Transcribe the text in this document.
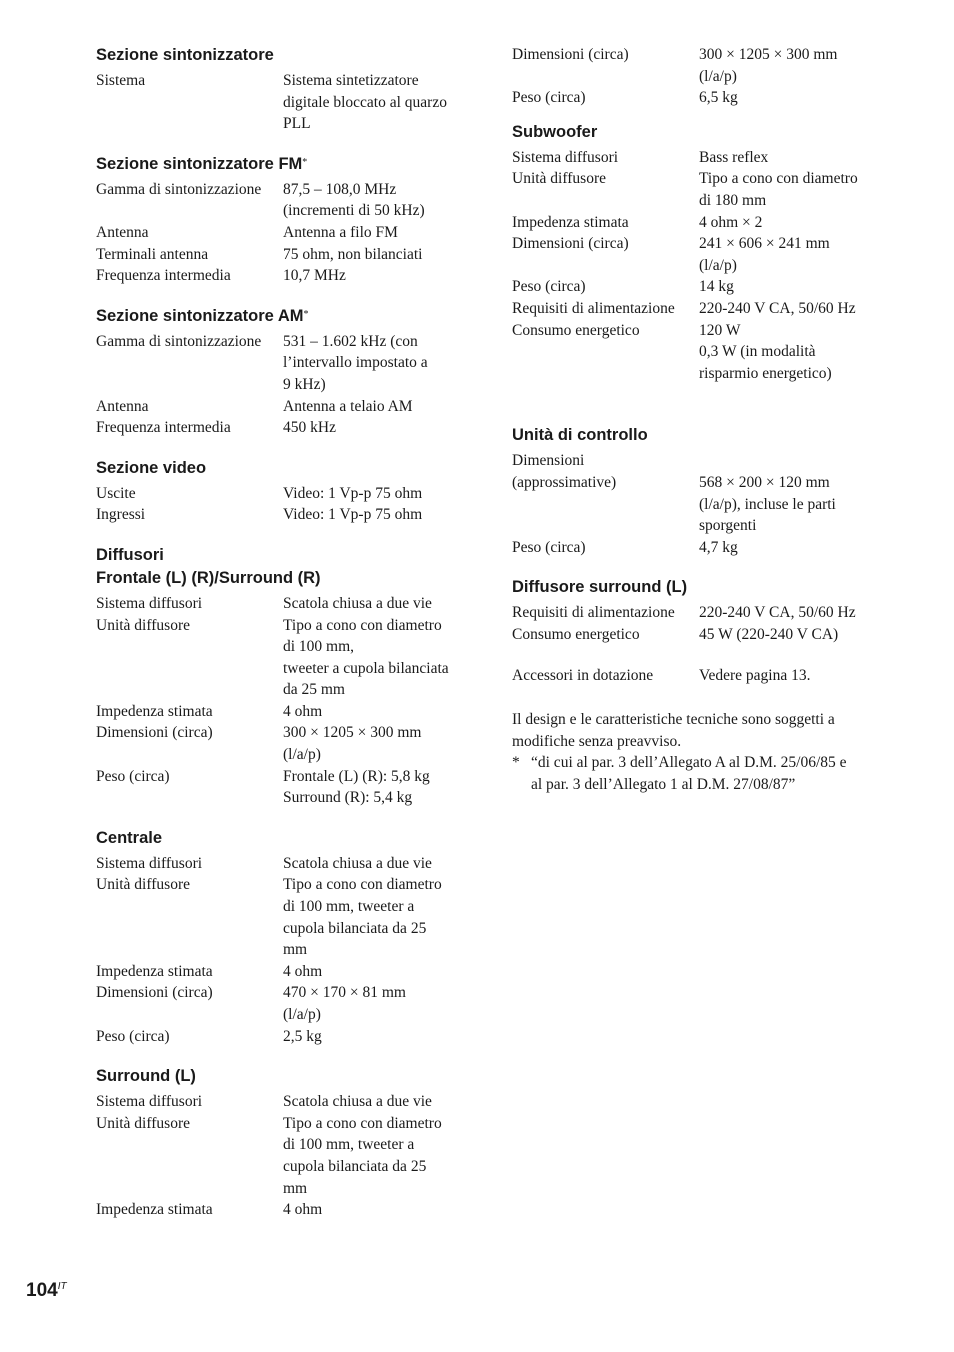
Sezione sintonizzatore
Sistema	Sistema sintetizzatore
digitale bloccato al quarzo
PLL
Sezione sintonizzatore FM*
Gamma di sintonizzazione	87,5 – 108,0 MHz
(incrementi di 50 kHz)
Antenna	Antenna a filo FM
Terminali antenna	75 ohm, non bilanciati
Frequenza intermedia	10,7 MHz
Sezione sintonizzatore AM*
Gamma di sintonizzazione	531 – 1.602 kHz (con
l’intervallo impostato a
9 kHz)
Antenna	Antenna a telaio AM
Frequenza intermedia	450 kHz
Sezione video
Uscite	Video: 1 Vp-p 75 ohm
Ingressi	Video: 1 Vp-p 75 ohm
Diffusori
Frontale (L) (R)/Surround (R)
Sistema diffusori	Scatola chiusa a due vie
Unità diffusore	Tipo a cono con diametro
di 100 mm,
tweeter a cupola bilanciata
da 25 mm
Impedenza stimata	4 ohm
Dimensioni (circa)	300 × 1205 × 300 mm
(l/a/p)
Peso (circa)	Frontale (L) (R): 5,8 kg
Surround (R): 5,4 kg
Centrale
Sistema diffusori	Scatola chiusa a due vie
Unità diffusore	Tipo a cono con diametro
di 100 mm, tweeter a
cupola bilanciata da 25
mm
Impedenza stimata	4 ohm
Dimensioni (circa)	470 × 170 × 81 mm
(l/a/p)
Peso (circa)	2,5 kg
Surround (L)
Sistema diffusori	Scatola chiusa a due vie
Unità diffusore	Tipo a cono con diametro
di 100 mm, tweeter a
cupola bilanciata da 25
mm
Impedenza stimata	4 ohm
Dimensioni (circa)	300 × 1205 × 300 mm
(l/a/p)
Peso (circa)	6,5 kg
Subwoofer
Sistema diffusori	Bass reflex
Unità diffusore	Tipo a cono con diametro
di 180 mm
Impedenza stimata	4 ohm × 2
Dimensioni (circa)	241 × 606 × 241 mm
(l/a/p)
Peso (circa)	14 kg
Requisiti di alimentazione	220-240 V CA, 50/60 Hz
Consumo energetico	120 W
0,3 W (in modalità
risparmio energetico)
Unità di controllo
Dimensioni

(approssimative)	568 × 200 × 120 mm
(l/a/p), incluse le parti
sporgenti
Peso (circa)	4,7 kg
Diffusore surround (L)
Requisiti di alimentazione	220-240 V CA, 50/60 Hz
Consumo energetico	45 W (220-240 V CA)
Accessori in dotazione	Vedere pagina 13.
Il design e le caratteristiche tecniche sono soggetti a
modifiche senza preavviso.
* “di cui al par. 3 dell’Allegato A al D.M. 25/06/85 e
al par. 3 dell’Allegato 1 al D.M. 27/08/87”
$104^{IT}$
